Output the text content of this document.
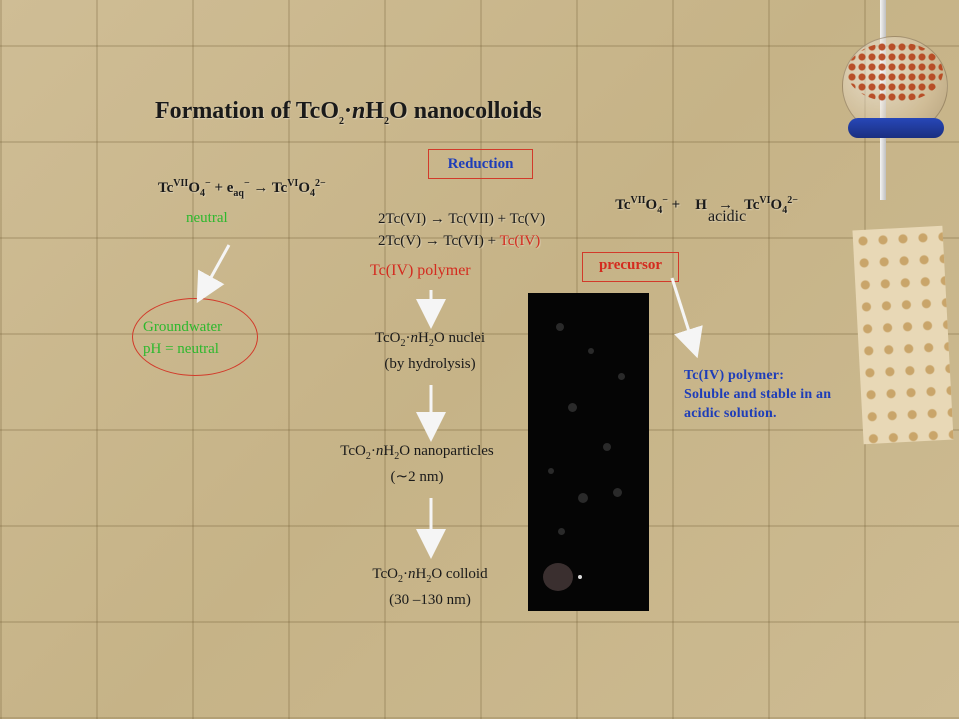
Formation of $TcO_2\cdot nH_2O$ nanocolloids
Reduction
$Tc^{VII}O_4^- + e_{aq}^- \to Tc^{VI}O_4^{2-}$

$Tc^{VII}O_4^-$ +    $H \to Tc^{VI}O_4^{2-}$

neutral	acidic
2Tc(VI) → Tc(VII) + Tc(V)
2Tc(V) → Tc(VI) + Tc(IV)
Tc(IV) polymer	precursor
Groundwater
pH = neutral
$TcO_2\cdot nH_2O$ nuclei
(by hydrolysis)
$TcO_2\cdot nH_2O$ nanoparticles
(∼2 nm)
$TcO_2\cdot nH_2O$ colloid
(30 –130 nm)
Tc(IV) polymer:
Soluble and stable in an
acidic solution.
